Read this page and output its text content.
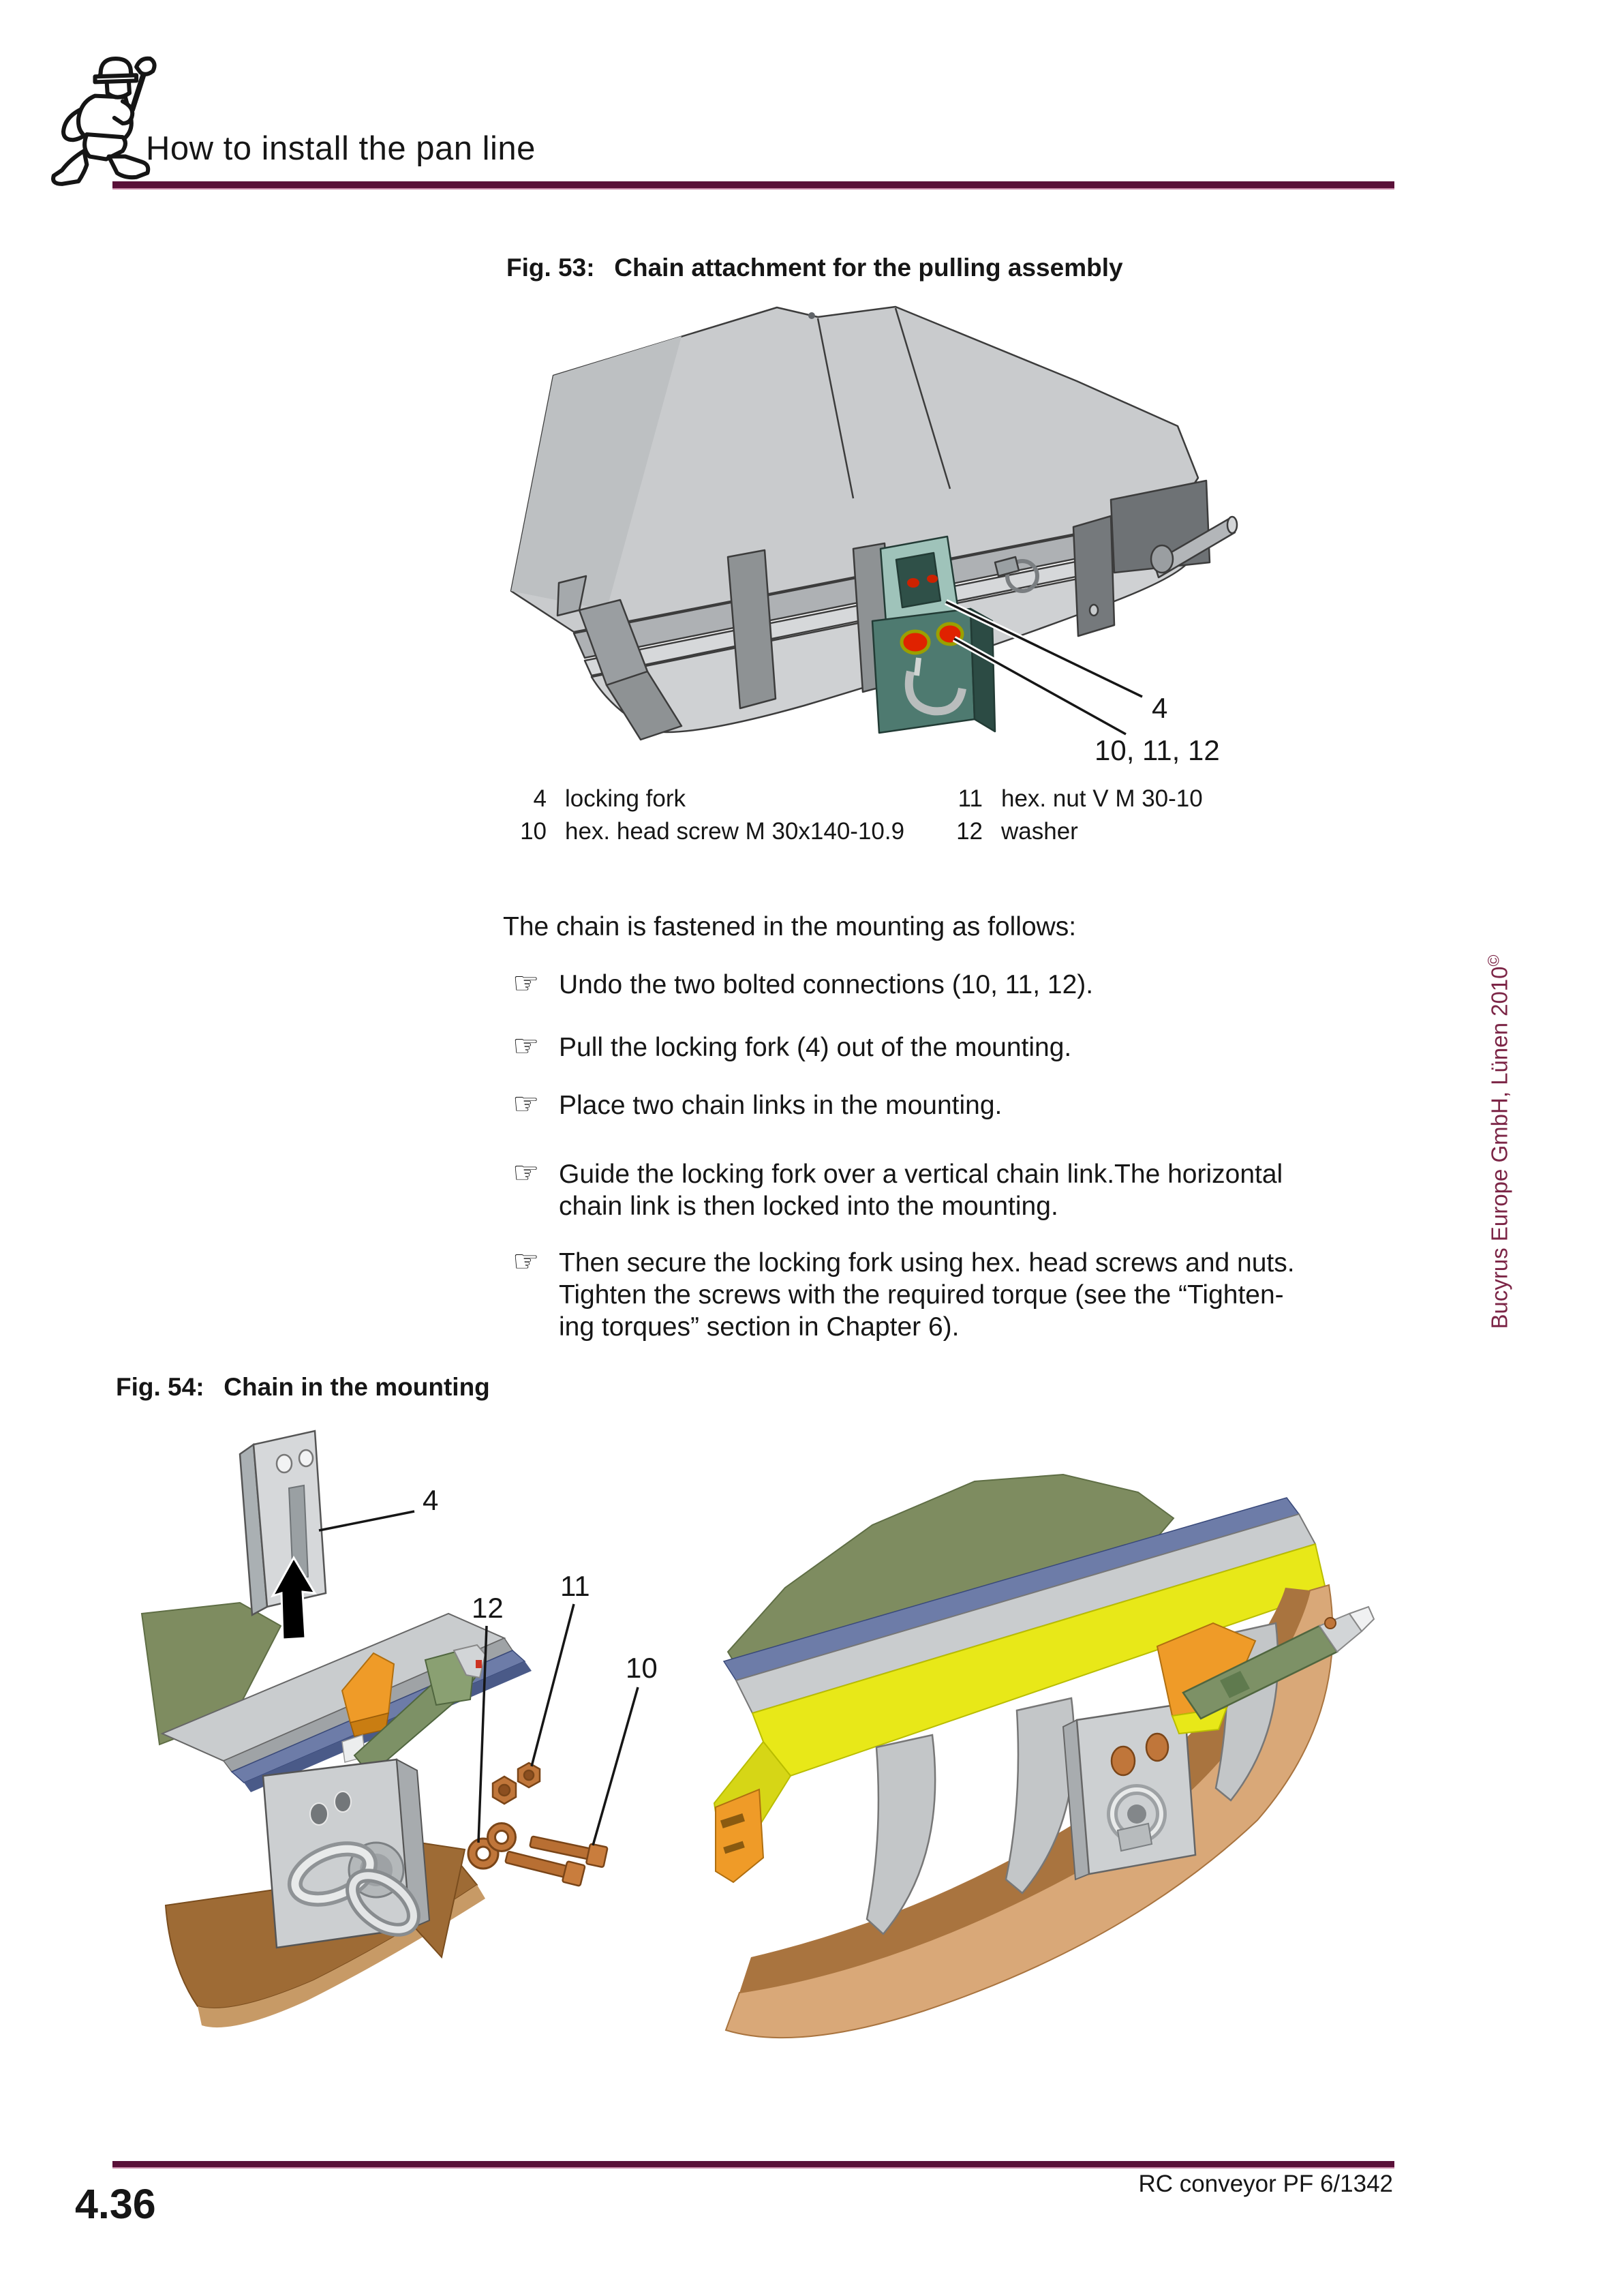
How to install the pan line
Fig. 53: Chain attachment for the pulling assembly
4
10, 11, 12
4 locking fork
10 hex. head screw M 30x140-10.9
11 hex. nut V M 30-10
12 washer
The chain is fastened in the mounting as follows:
☞ Undo the two bolted connections (10, 11, 12).
☞ Pull the locking fork (4) out of the mounting.
☞ Place two chain links in the mounting.
☞ Guide the locking fork over a vertical chain link.The horizontal
chain link is then locked into the mounting.
☞ Then secure the locking fork using hex. head screws and nuts.
Tighten the screws with the required torque (see the “Tighten-
ing torques” section in Chapter 6).
Fig. 54: Chain in the mounting
4
12
11
10
Bucyrus Europe GmbH, Lünen 2010©
4.36	RC conveyor PF 6/1342
